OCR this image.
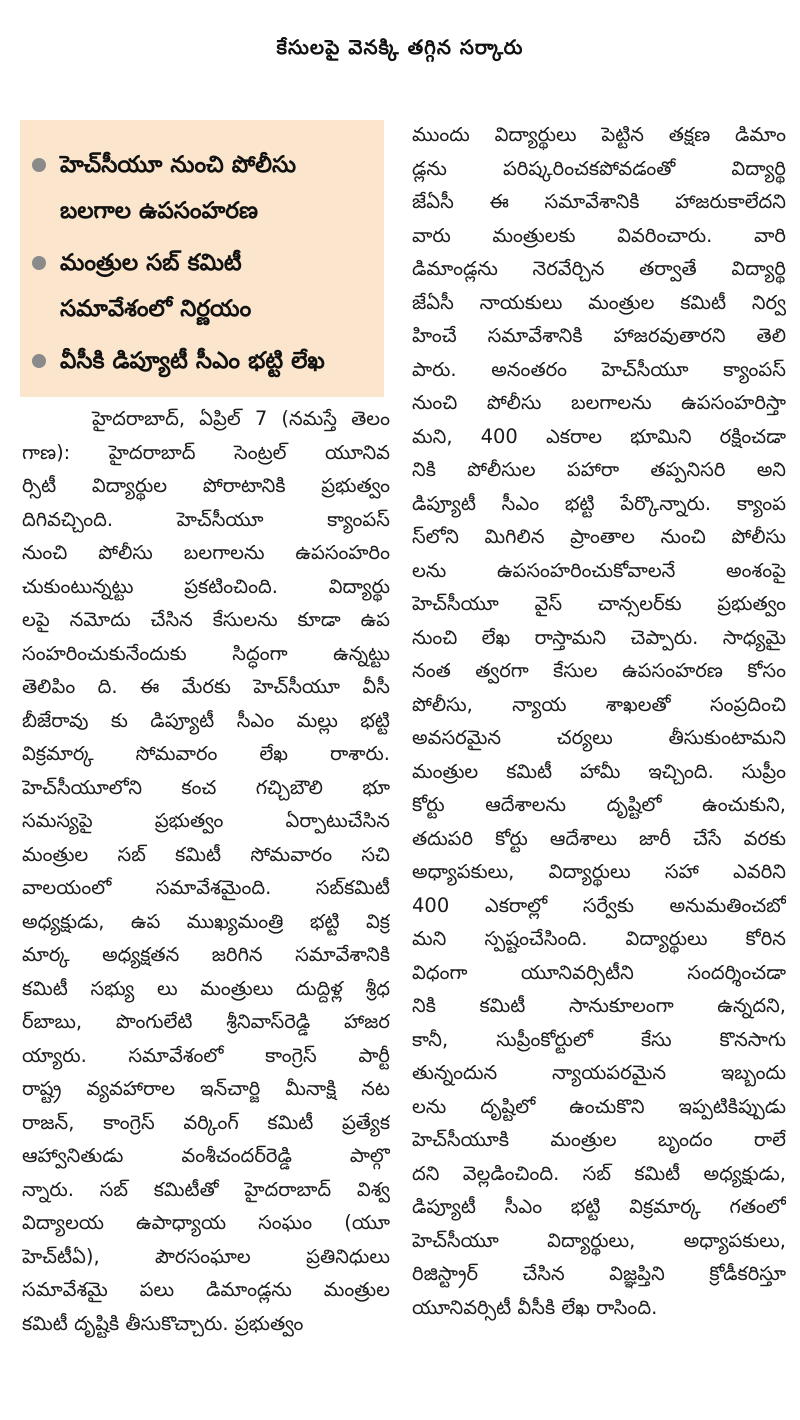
కేసులపై వెనక్కి తగ్గిన సర్కారు
హెచ్‌సీయూ నుంచి పోలీసు
బలగాల ఉపసంహరణ
మంత్రుల సబ్ కమిటీ
సమావేశంలో నిర్ణయం
వీసీకి డిప్యూటీ సీఎం భట్టి లేఖ
హైదరాబాద్, ఏప్రిల్ 7 (నమస్తే తెలం
గాణ): హైదరాబాద్ సెంట్రల్ యూనివ
ర్సిటీ విద్యార్థుల పోరాటానికి ప్రభుత్వం
దిగివచ్చింది. హెచ్‌సీయూ క్యాంపస్
నుంచి పోలీసు బలగాలను ఉపసంహరిం
చుకుంటున్నట్టు ప్రకటించింది. విద్యార్థు
లపై నమోదు చేసిన కేసులను కూడా ఉప
సంహరించుకునేందుకు సిద్ధంగా ఉన్నట్టు
తెలిపిం ది. ఈ మేరకు హెచ్‌సీయూ వీసీ
బీజేరావు కు డిప్యూటీ సీఎం మల్లు భట్టి
విక్రమార్క సోమవారం లేఖ రాశారు.
హెచ్‌సీయూలోని కంచ గచ్చిబౌలి భూ
సమస్యపై ప్రభుత్వం ఏర్పాటుచేసిన
మంత్రుల సబ్ కమిటీ సోమవారం సచి
వాలయంలో సమావేశమైంది. సబ్‌కమిటీ
అధ్యక్షుడు, ఉప ముఖ్యమంత్రి భట్టి విక్ర
మార్క అధ్యక్షతన జరిగిన సమావేశానికి
కమిటీ సభ్యు లు మంత్రులు దుద్దిళ్ల శ్రీధ
ర్‌బాబు, పొంగులేటి శ్రీనివాస్‌రెడ్డి హాజర
య్యారు. సమావేశంలో కాంగ్రెస్ పార్టీ
రాష్ట్ర వ్యవహారాల ఇన్‌చార్జి మీనాక్షి నట
రాజన్, కాంగ్రెస్ వర్కింగ్ కమిటీ ప్రత్యేక
ఆహ్వానితుడు వంశీచందర్‌రెడ్డి పాల్గొ
న్నారు. సబ్ కమిటీతో హైదరాబాద్ విశ్వ
విద్యాలయ ఉపాధ్యాయ సంఘం (యూ
హెచ్‌టీఏ), పౌరసంఘాల ప్రతినిధులు
సమావేశమై పలు డిమాండ్లను మంత్రుల
కమిటీ దృష్టికి తీసుకొచ్చారు. ప్రభుత్వం
ముందు విద్యార్థులు పెట్టిన తక్షణ డిమాం
డ్లను పరిష్కరించకపోవడంతో విద్యార్థి
జేఏసీ ఈ సమావేశానికి హాజరుకాలేదని
వారు మంత్రులకు వివరించారు. వారి
డిమాండ్లను నెరవేర్చిన తర్వాతే విద్యార్థి
జేఏసీ నాయకులు మంత్రుల కమిటీ నిర్వ
హించే సమావేశానికి హాజరవుతారని తెలి
పారు. అనంతరం హెచ్‌సీయూ క్యాంపస్
నుంచి పోలీసు బలగాలను ఉపసంహరిస్తా
మని, 400 ఎకరాల భూమిని రక్షించడా
నికి పోలీసుల పహారా తప్పనిసరి అని
డిప్యూటీ సీఎం భట్టి పేర్కొన్నారు. క్యాంప
స్‌లోని మిగిలిన ప్రాంతాల నుంచి పోలీసు
లను ఉపసంహరించుకోవాలనే అంశంపై
హెచ్‌సీయూ వైస్ చాన్సలర్‌కు ప్రభుత్వం
నుంచి లేఖ రాస్తామని చెప్పారు. సాధ్యమై
నంత త్వరగా కేసుల ఉపసంహరణ కోసం
పోలీసు, న్యాయ శాఖలతో సంప్రదించి
అవసరమైన చర్యలు తీసుకుంటామని
మంత్రుల కమిటీ హామీ ఇచ్చింది. సుప్రీం
కోర్టు ఆదేశాలను దృష్టిలో ఉంచుకుని,
తదుపరి కోర్టు ఆదేశాలు జారీ చేసే వరకు
అధ్యాపకులు, విద్యార్థులు సహా ఎవరిని
400 ఎకరాల్లో సర్వేకు అనుమతించబో
మని స్పష్టంచేసింది. విద్యార్థులు కోరిన
విధంగా యూనివర్సిటీని సందర్శించడా
నికి కమిటీ సానుకూలంగా ఉన్నదని,
కానీ, సుప్రీంకోర్టులో కేసు కొనసాగు
తున్నందున న్యాయపరమైన ఇబ్బందు
లను దృష్టిలో ఉంచుకొని ఇప్పటికిప్పుడు
హెచ్‌సీయూకి మంత్రుల బృందం రాలే
దని వెల్లడించింది. సబ్ కమిటీ అధ్యక్షుడు,
డిప్యూటీ సీఎం భట్టి విక్రమార్క గతంలో
హెచ్‌సీయూ విద్యార్థులు, అధ్యాపకులు,
రిజిస్ట్రార్ చేసిన విజ్ఞప్తిని క్రోడీకరిస్తూ
యూనివర్సిటీ వీసీకి లేఖ రాసింది.
